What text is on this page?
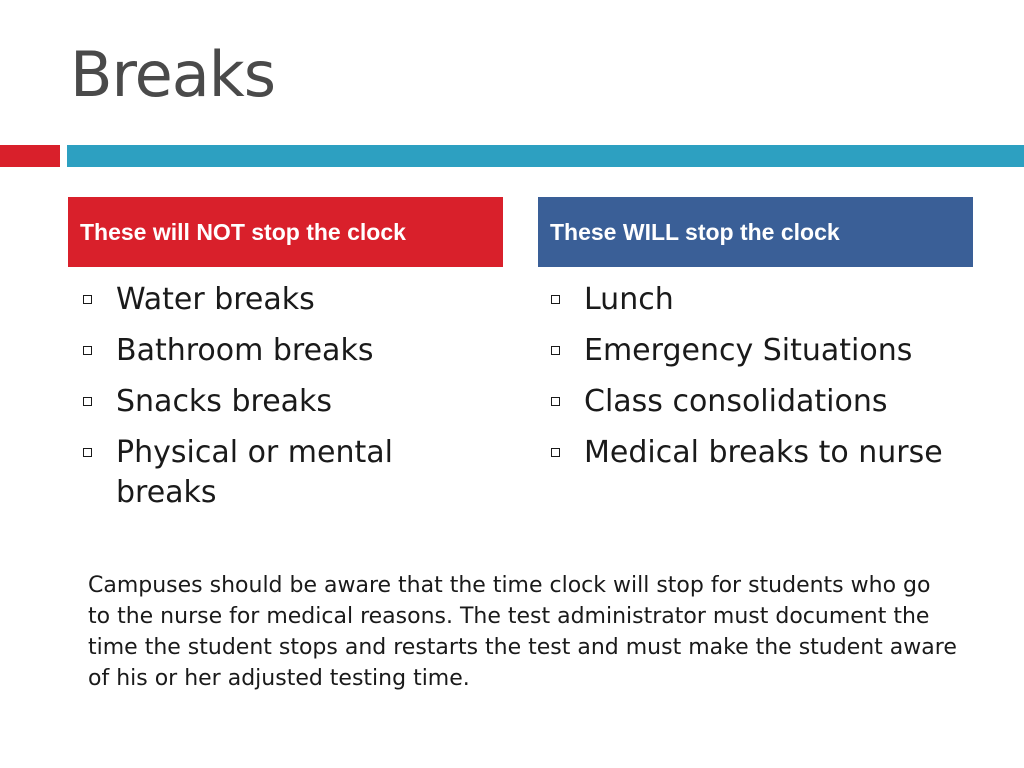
Breaks
These will NOT stop the clock	These WILL stop the clock
Water breaks
Bathroom breaks
Snacks breaks
Physical or mental breaks
Lunch
Emergency Situations
Class consolidations
Medical breaks to nurse

Campuses should be aware that the time clock will stop for students who go to the nurse for medical reasons. The test administrator must document the time the student stops and restarts the test and must make the student aware of his or her adjusted testing time.
